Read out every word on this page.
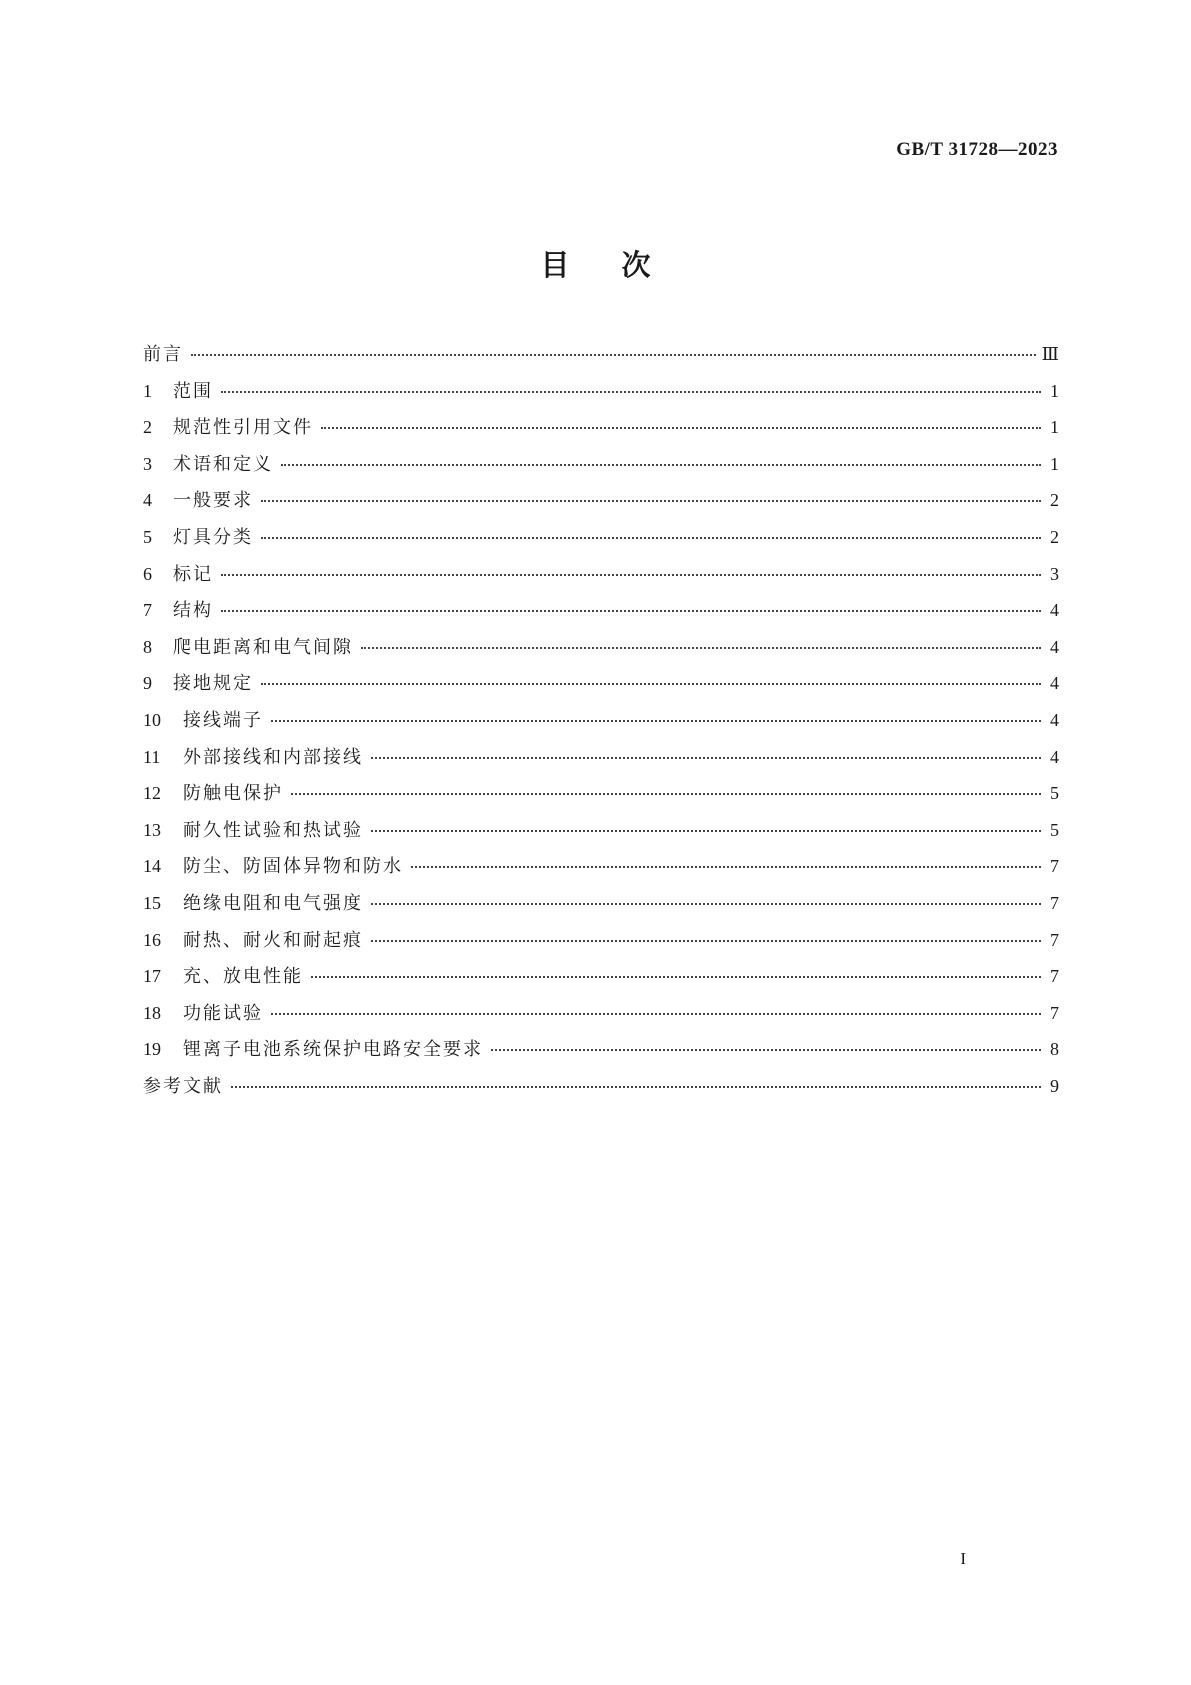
GB/T 31728—2023
目次
前言	Ⅲ
1	范围	1
2	规范性引用文件	1
3	术语和定义	1
4	一般要求	2
5	灯具分类	2
6	标记	3
7	结构	4
8	爬电距离和电气间隙	4
9	接地规定	4
10	接线端子	4
11	外部接线和内部接线	4
12	防触电保护	5
13	耐久性试验和热试验	5
14	防尘、防固体异物和防水	7
15	绝缘电阻和电气强度	7
16	耐热、耐火和耐起痕	7
17	充、放电性能	7
18	功能试验	7
19	锂离子电池系统保护电路安全要求	8
参考文献	9
I
